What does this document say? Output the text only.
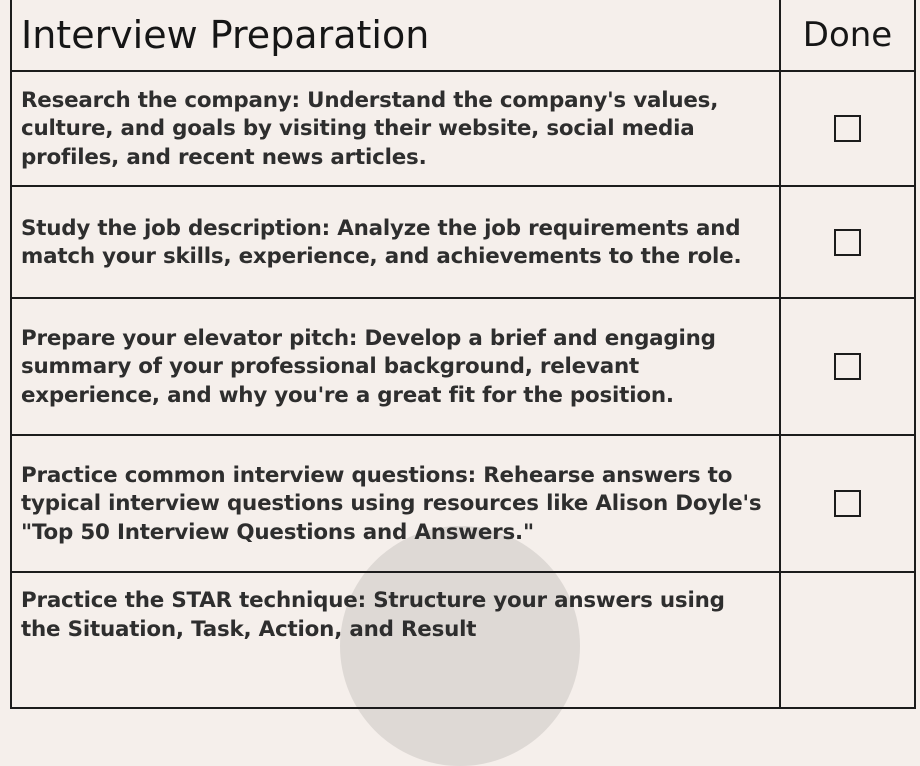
Interview Preparation	Done
Research the company: Understand the company's values, culture, and goals by visiting their website, social media profiles, and recent news articles.	
Study the job description: Analyze the job requirements and match your skills, experience, and achievements to the role.	
Prepare your elevator pitch: Develop a brief and engaging summary of your professional background, relevant experience, and why you're a great fit for the position.	
Practice common interview questions: Rehearse answers to typical interview questions using resources like Alison Doyle's "Top 50 Interview Questions and Answers."	
Practice the STAR technique: Structure your answers using the Situation, Task, Action, and Result	
